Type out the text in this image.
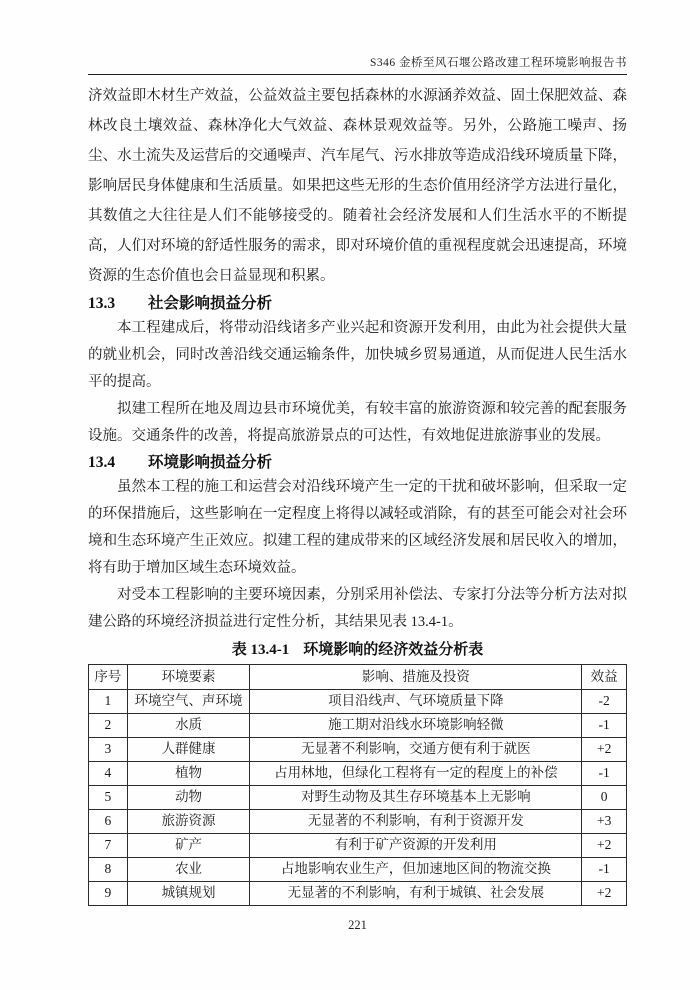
S346 金桥至风石堰公路改建工程环境影响报告书

济效益即木材生产效益，公益效益主要包括森林的水源涵养效益、固土保肥效益、森林改良土壤效益、森林净化大气效益、森林景观效益等。另外，公路施工噪声、扬尘、水土流失及运营后的交通噪声、汽车尾气、污水排放等造成沿线环境质量下降，影响居民身体健康和生活质量。如果把这些无形的生态价值用经济学方法进行量化，其数值之大往往是人们不能够接受的。随着社会经济发展和人们生活水平的不断提高，人们对环境的舒适性服务的需求，即对环境价值的重视程度就会迅速提高，环境资源的生态价值也会日益显现和积累。

13.3 社会影响损益分析

本工程建成后，将带动沿线诸多产业兴起和资源开发利用，由此为社会提供大量的就业机会，同时改善沿线交通运输条件，加快城乡贸易通道，从而促进人民生活水平的提高。

拟建工程所在地及周边县市环境优美，有较丰富的旅游资源和较完善的配套服务设施。交通条件的改善，将提高旅游景点的可达性，有效地促进旅游事业的发展。

13.4 环境影响损益分析

虽然本工程的施工和运营会对沿线环境产生一定的干扰和破坏影响，但采取一定的环保措施后，这些影响在一定程度上将得以减轻或消除，有的甚至可能会对社会环境和生态环境产生正效应。拟建工程的建成带来的区域经济发展和居民收入的增加，将有助于增加区域生态环境效益。

对受本工程影响的主要环境因素，分别采用补偿法、专家打分法等分析方法对拟建公路的环境经济损益进行定性分析，其结果见表 13.4-1。

表 13.4-1 环境影响的经济效益分析表

序号	环境要素	影响、措施及投资	效益
1	环境空气、声环境	项目沿线声、气环境质量下降	-2
2	水质	施工期对沿线水环境影响轻微	-1
3	人群健康	无显著不利影响，交通方便有利于就医	+2
4	植物	占用林地，但绿化工程将有一定的程度上的补偿	-1
5	动物	对野生动物及其生存环境基本上无影响	0
6	旅游资源	无显著的不利影响，有利于资源开发	+3
7	矿产	有利于矿产资源的开发利用	+2
8	农业	占地影响农业生产，但加速地区间的物流交换	-1
9	城镇规划	无显著的不利影响，有利于城镇、社会发展	+2
221
